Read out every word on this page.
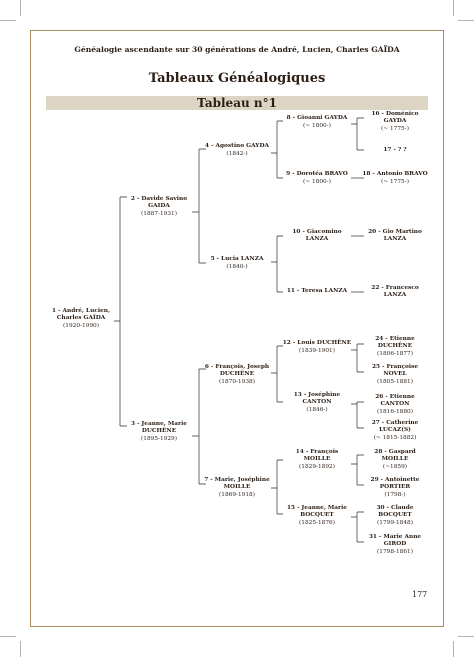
Généalogie ascendante sur 30 générations de André, Lucien, Charles GAÏDA
Tableaux Généalogiques
Tableau n°1
1 - André, Lucien,
Charles GAÏDA
(1920-1990)
2 - Davide Savino
GAIDA
(1887-1931)
3 - Jeanne, Marie
DUCHÊNE
(1895-1929)
4 - Agostino GAYDA
(1842-)
5 - Lucia LANZA
(1840-)
6 - François, Joseph
DUCHÊNE
(1870-1938)
7 - Marie, Joséphine
MOILLE
(1869-1918)
8 - Gioanni GAYDA
(~ 1800-)
9 - Dorotéa BRAVO
(~ 1800-)
10 - Giacomino
LANZA
11 - Teresa LANZA
12 - Louis DUCHÊNE
(1839-1901)
13 - Joséphine
CANTON
(1846-)
14 - François
MOILLE
(1829-1892)
15 - Jeanne, Marie
BOCQUET
(1825-1876)
16 - Doménico
GAYDA
(~ 1775-)
17 - ? ?
18 - Antonio BRAVO
(~ 1775-)
20 - Gio Martino
LANZA
22 - Francesco
LANZA
24 - Etienne
DUCHÊNE
(1806-1877)
25 - Françoise
NOVEL
(1805-1881)
26 - Etienne
CANTON
(1816-1880)
27 - Catherine
LUCAZ(S)
(~ 1815-1882)
28 - Gaspard
MOILLE
(~1859)
29 - Antoinette
PORTIER
(1798-)
30 - Claude
BOCQUET
(1799-1848)
31 - Marie Anne
GIROD
(1798-1861)
177
